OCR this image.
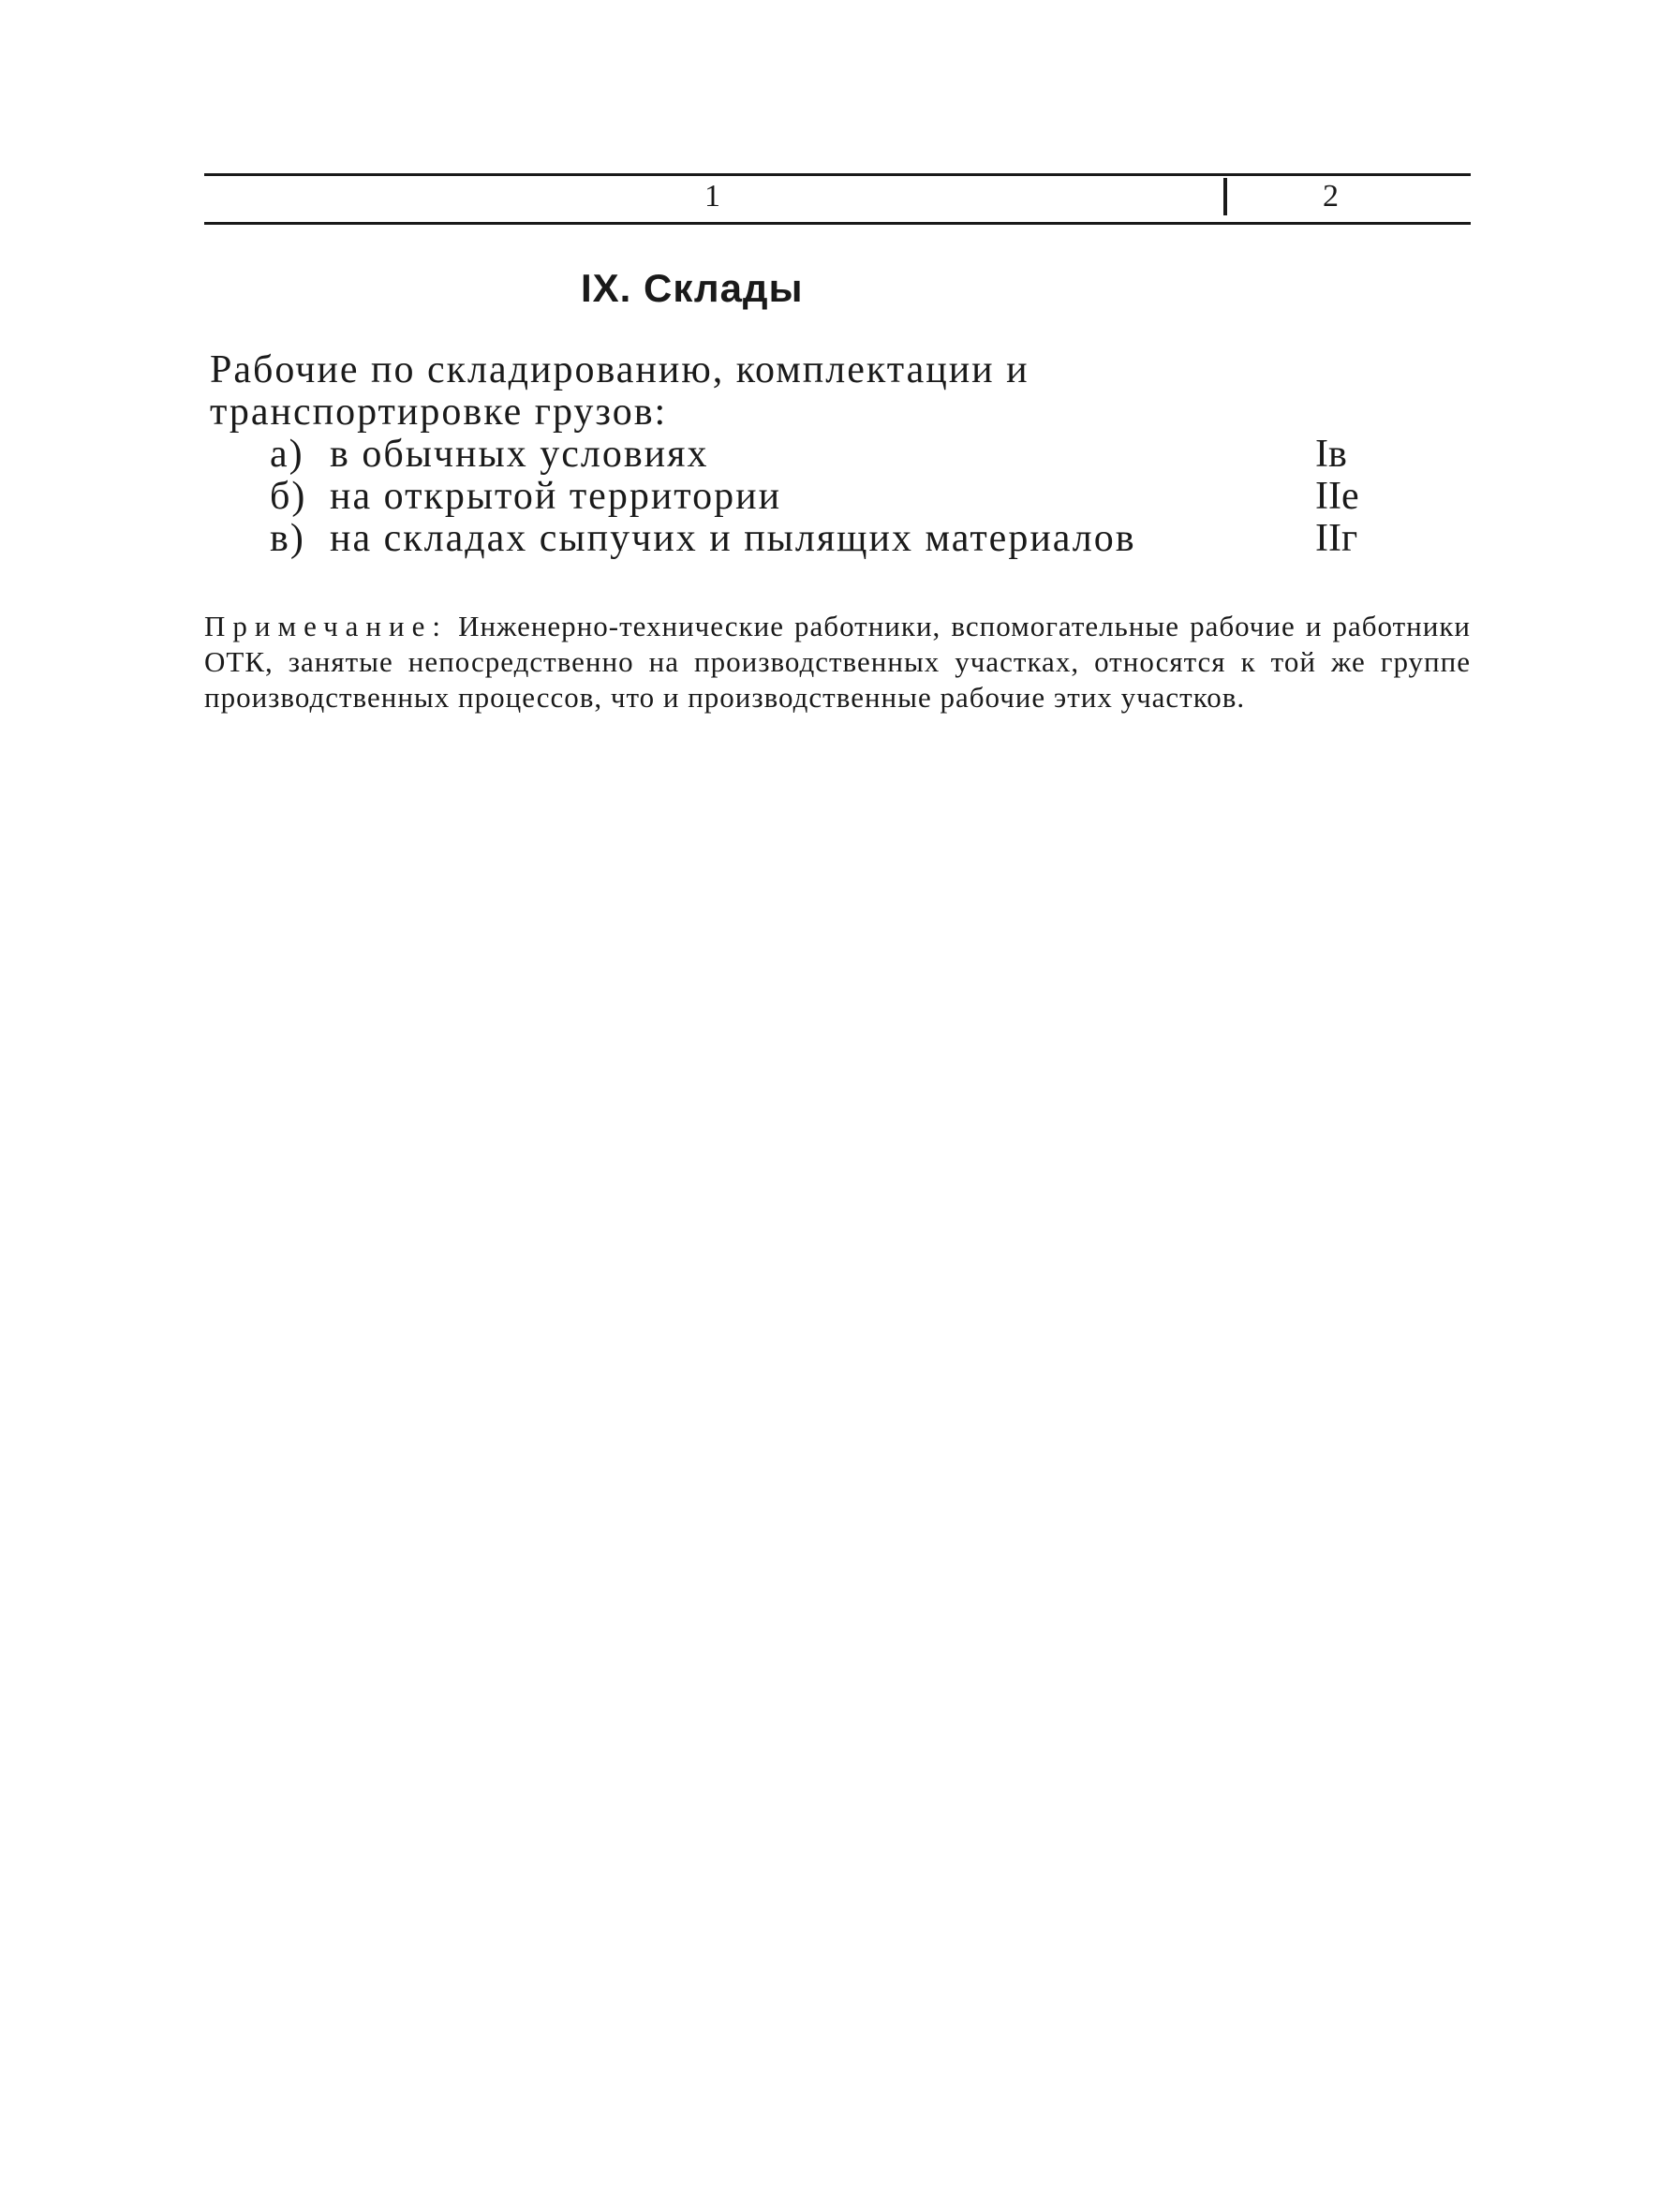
1	2
IX. Склады
Рабочие по складированию, комплектации и транспортировке грузов:
а) в обычных условиях	Iв
б) на открытой территории	IIе
в) на складах сыпучих и пылящих материалов	IIг
Примечание: Инженерно-технические работники, вспомогательные рабочие и работники ОТК, занятые непосредственно на производственных участках, относятся к той же группе производственных процессов, что и производственные рабочие этих участков.
